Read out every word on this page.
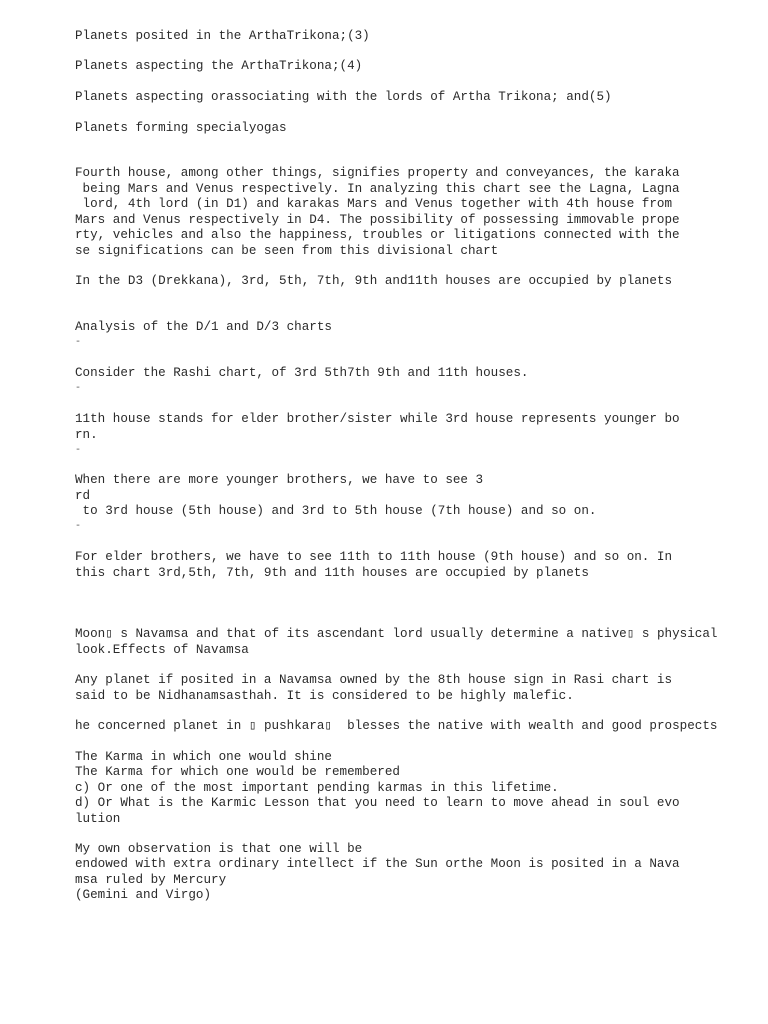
Planets posited in the ArthaTrikona;(3)
Planets aspecting the ArthaTrikona;(4)
Planets aspecting orassociating with the lords of Artha Trikona; and(5)
Planets forming specialyogas
Fourth house, among other things, signifies property and conveyances, the karaka
being Mars and Venus respectively. In analyzing this chart see the Lagna, Lagna
lord, 4th lord (in D1) and karakas Mars and Venus together with 4th house from
Mars and Venus respectively in D4. The possibility of possessing immovable prope
rty, vehicles and also the happiness, troubles or litigations connected with the
se significations can be seen from this divisional chart
In the D3 (Drekkana), 3rd, 5th, 7th, 9th and11th houses are occupied by planets
Analysis of the D/1 and D/3 charts
-
Consider the Rashi chart, of 3rd 5th7th 9th and 11th houses.
-
11th house stands for elder brother/sister while 3rd house represents younger bo
rn.
-
When there are more younger brothers, we have to see 3
rd
to 3rd house (5th house) and 3rd to 5th house (7th house) and so on.
-
For elder brothers, we have to see 11th to 11th house (9th house) and so on. In
this chart 3rd,5th, 7th, 9th and 11th houses are occupied by planets
Moon▯ s Navamsa and that of its ascendant lord usually determine a native▯ s physical
look.Effects of Navamsa
Any planet if posited in a Navamsa owned by the 8th house sign in Rasi chart is
said to be Nidhanamsasthah. It is considered to be highly malefic.
he concerned planet in ▯ pushkara▯  blesses the native with wealth and good prospects
The Karma in which one would shine
The Karma for which one would be remembered
c) Or one of the most important pending karmas in this lifetime.
d) Or What is the Karmic Lesson that you need to learn to move ahead in soul evo
lution
My own observation is that one will be
endowed with extra ordinary intellect if the Sun orthe Moon is posited in a Nava
msa ruled by Mercury
(Gemini and Virgo)
